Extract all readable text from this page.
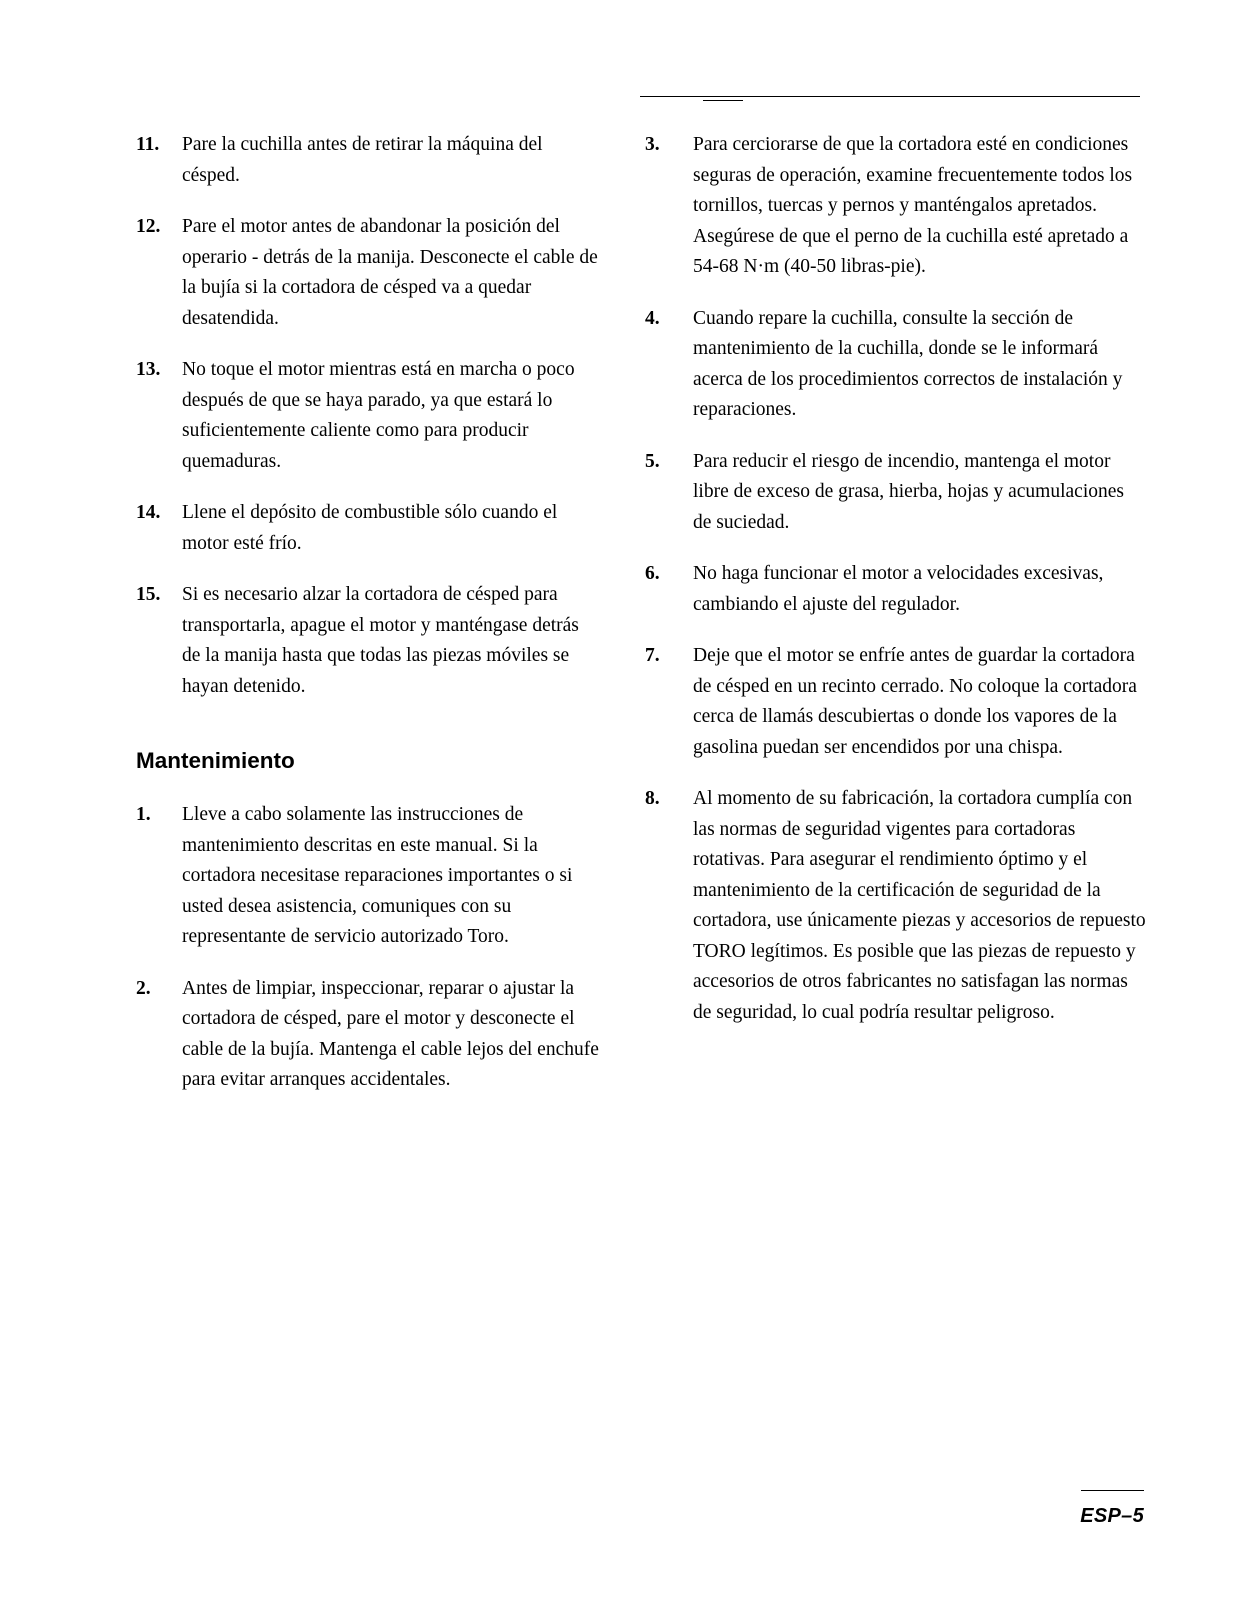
11.	Pare la cuchilla antes de retirar la máquina del césped.
12.	Pare el motor antes de abandonar la posición del operario - detrás de la manija. Desconecte el cable de la bujía si la cortadora de césped va a quedar desatendida.
13.	No toque el motor mientras está en marcha o poco después de que se haya parado, ya que estará lo suficientemente caliente como para producir quemaduras.
14.	Llene el depósito de combustible sólo cuando el motor esté frío.
15.	Si es necesario alzar la cortadora de césped para transportarla, apague el motor y manténgase detrás de la manija hasta que todas las piezas móviles se hayan detenido.
Mantenimiento
1.	Lleve a cabo solamente las instrucciones de mantenimiento descritas en este manual. Si la cortadora necesitase reparaciones importantes o si usted desea asistencia, comuniques con su representante de servicio autorizado Toro.
2.	Antes de limpiar, inspeccionar, reparar o ajustar la cortadora de césped, pare el motor y desconecte el cable de la bujía. Mantenga el cable lejos del enchufe para evitar arranques accidentales.
3.	Para cerciorarse de que la cortadora esté en condiciones seguras de operación, examine frecuentemente todos los tornillos, tuercas y pernos y manténgalos apretados. Asegúrese de que el perno de la cuchilla esté apretado a 54-68 N·m (40-50 libras-pie).
4.	Cuando repare la cuchilla, consulte la sección de mantenimiento de la cuchilla, donde se le informará acerca de los procedimientos correctos de instalación y reparaciones.
5.	Para reducir el riesgo de incendio, mantenga el motor libre de exceso de grasa, hierba, hojas y acumulaciones de suciedad.
6.	No haga funcionar el motor a velocidades excesivas, cambiando el ajuste del regulador.
7.	Deje que el motor se enfríe antes de guardar la cortadora de césped en un recinto cerrado. No coloque la cortadora cerca de llamás descubiertas o donde los vapores de la gasolina puedan ser encendidos por una chispa.
8.	Al momento de su fabricación, la cortadora cumplía con las normas de seguridad vigentes para cortadoras rotativas. Para asegurar el rendimiento óptimo y el mantenimiento de la certificación de seguridad de la cortadora, use únicamente piezas y accesorios de repuesto TORO legítimos. Es posible que las piezas de repuesto y accesorios de otros fabricantes no satisfagan las normas de seguridad, lo cual podría resultar peligroso.
ESP–5
